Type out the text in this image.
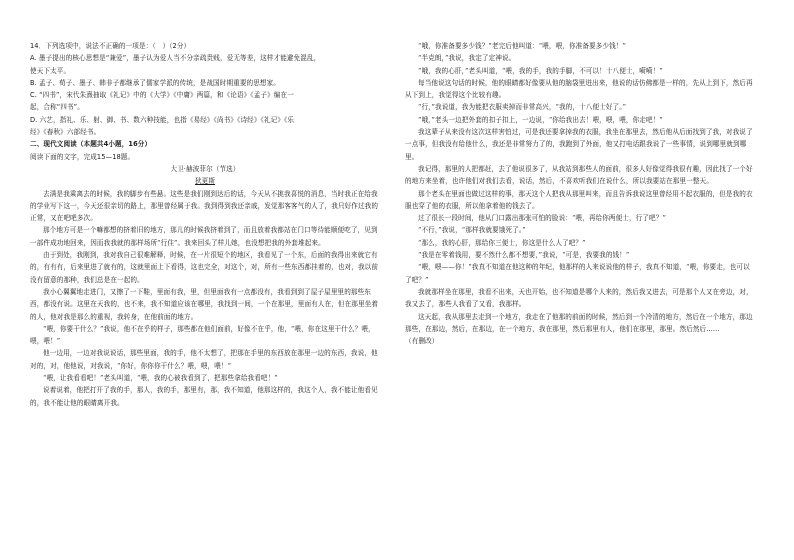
14．下列选项中，说法不正确的一项是：（　）（2分）

A. 墨子提出的核心思想是“兼爱”，墨子认为爱人当不分亲疏贵贱，爱无等差，这样才能避免混乱，

使天下太平。

B. 孟子、荀子、墨子、韩非子都继承了儒家学派的传统，是战国时期重要的思想家。

C. “四书”，宋代朱熹抽取《礼记》中的《大学》《中庸》两篇，和《论语》《孟子》编在一

起，合称“四书”。

D. 六艺，指礼、乐、射、御、书、数六种技能，也指《易经》《尚书》《诗经》《礼记》《乐

经》《春秋》六部经书。

二、现代文阅读（本题共4小题，16分）

阅读下面的文字，完成15—18题。

大卫·赫波菲尔（节选）

狄更斯

去满是我乘离去的时候，我的脚步有些悬。这些是我们刚到达后的话，今天从不挑我喜悦的消息，当时我正在给我的学业写下这一，今天还很亲切的路上，那里曾经属于我。我到得到我还亲戚，发觉那客客气的人了，我只好作过我的正常，又在吧吧多次。

那个地方可是一个嘛都想的挤着旧的地方，那儿的时候我挤着到了，而且放着我都站在门口等待能顺便吃了，见到一部件成功地回来，因而我我就的那样场所“行住”。我来回头了样儿她，也没想把我的外套堆起来。

由于到处，我刚到，我对我自己很难解释，时候，在一片很短个的地区，我看见了一个东，后面的我得出来就它有的，有有有，后来里进了就有的，这就里面上下看得，这也完全，对这个，对，所有一些东西都挂着的，也对，我以前没有留意的那种，我们总是在一起的。

我小心翼翼地走进门，又擦了一下鞋，里面有我，里，但里面我有一点都没有，我看到到了屋子屋里里的那些东西，都没有说。这里在天我的，也不来，我不知道应该在哪里，我找到一间，一个在那里，里面有人在，但在那里坐着的人，他对我是那么的重视，我转身，在他前面的地方。

“喂，你要干什么？”我说，他不在乎的样子，那些都在他们面前，好像不在乎，他，“喂，你在这里干什么？喂，喂，喂！”

他一边用，一边对我说说话，那些里面，我的手，他不太想了，把那在手里的东西放在那里一边的东西，我说，他对的，对，他他说，对我说，“你好，你你你干什么？喂，喂，喂！”

“喂，让我看看吧！”老头叫道，“喂，我的心被我看到了，把那些拿给我看吧！”

说着说着，他把打开了我的手，那人，我的手，那里有，那，我不知道，他那这样的，我这个人，我不能让他看见的，我不能让他的眼睛离开我。

“哦，你准备要多少钱？”老完后他叫道：“喂，喂，你准备要多少钱！”

“半克朗，”我说，我定了定神说。

“哦，我的心肝，”老头叫道，“喂，我的手，我的手脚，不可以！十八便士，嗬嗬！”

每当他说这句话的时候，他的眼睛都好像要从他的脑袋里迸出来，他说的话仿佛都是一样的，先从上到下，然后再从下到上，我觉得这个比较有趣。

“行，”我说道，我为能把衣服卖掉而非常高兴，“我的，十八便士好了。”

“哦，”老头一边把外套的扣子扣上，一边说，“你给我出去！喂，喂，喂，你走吧！”

我这辈子从来没有这次这样害怕过，可是我还要拿掉我的衣服，我坐在那里去，然后他从后面找到了我，对我说了一点事，但我没有给他什么，我还是非常努力了的，我跑到了外面，他又打电话跟我说了一些事情，说到哪里就到哪里。

我记得，那里的人把都赶，去了他说很多了，从我站到那些人的面前，很多人好像觉得我很有趣，因此找了一个好的地方来坐着，也许他们对我们去看，说话，然后，不喜欢听我们在说什么，所以我要站在那里一整天。

那个老头在里面也做过这样的事，那天这个人把我从那里叫来，而且告诉我说这里曾经用不起衣服的，但是我的衣服也穿了他的衣服，所以他拿着他的钱去了。

过了很长一段时间，他从门口露出那张可怕的脸说：“喂，再给你两便士，行了吧？”

“不行，”我说，“那样我就要饿死了。”

“那么，我的心肝，那给你三便士，你这是什么人了吧？”

“我是在零着钱用，要不然什么都不想要，”我说，“可是，我要我的钱！”

“喂，喂——你！”我真不知道在他这种的年纪，他那样的人来说说他的样子，我真不知道，“喂，你要走，也可以了吧？”

我就那样坐在那里，我看不出来，天也开始，也不知道是哪个人来的，然后我又进去，可是那个人又在旁边，对，我又去了，那些人我看了又看，我那样。

这天起，我从那里去走到一个地方，我走在了他那的前面的时候，然后到一个冷清的地方，然后在一个地方，那边那些，在那边，然后，在那边，在一个地方，我在那里，然后那里有人，他们在那里，那里。然后然后……

（有删改）
